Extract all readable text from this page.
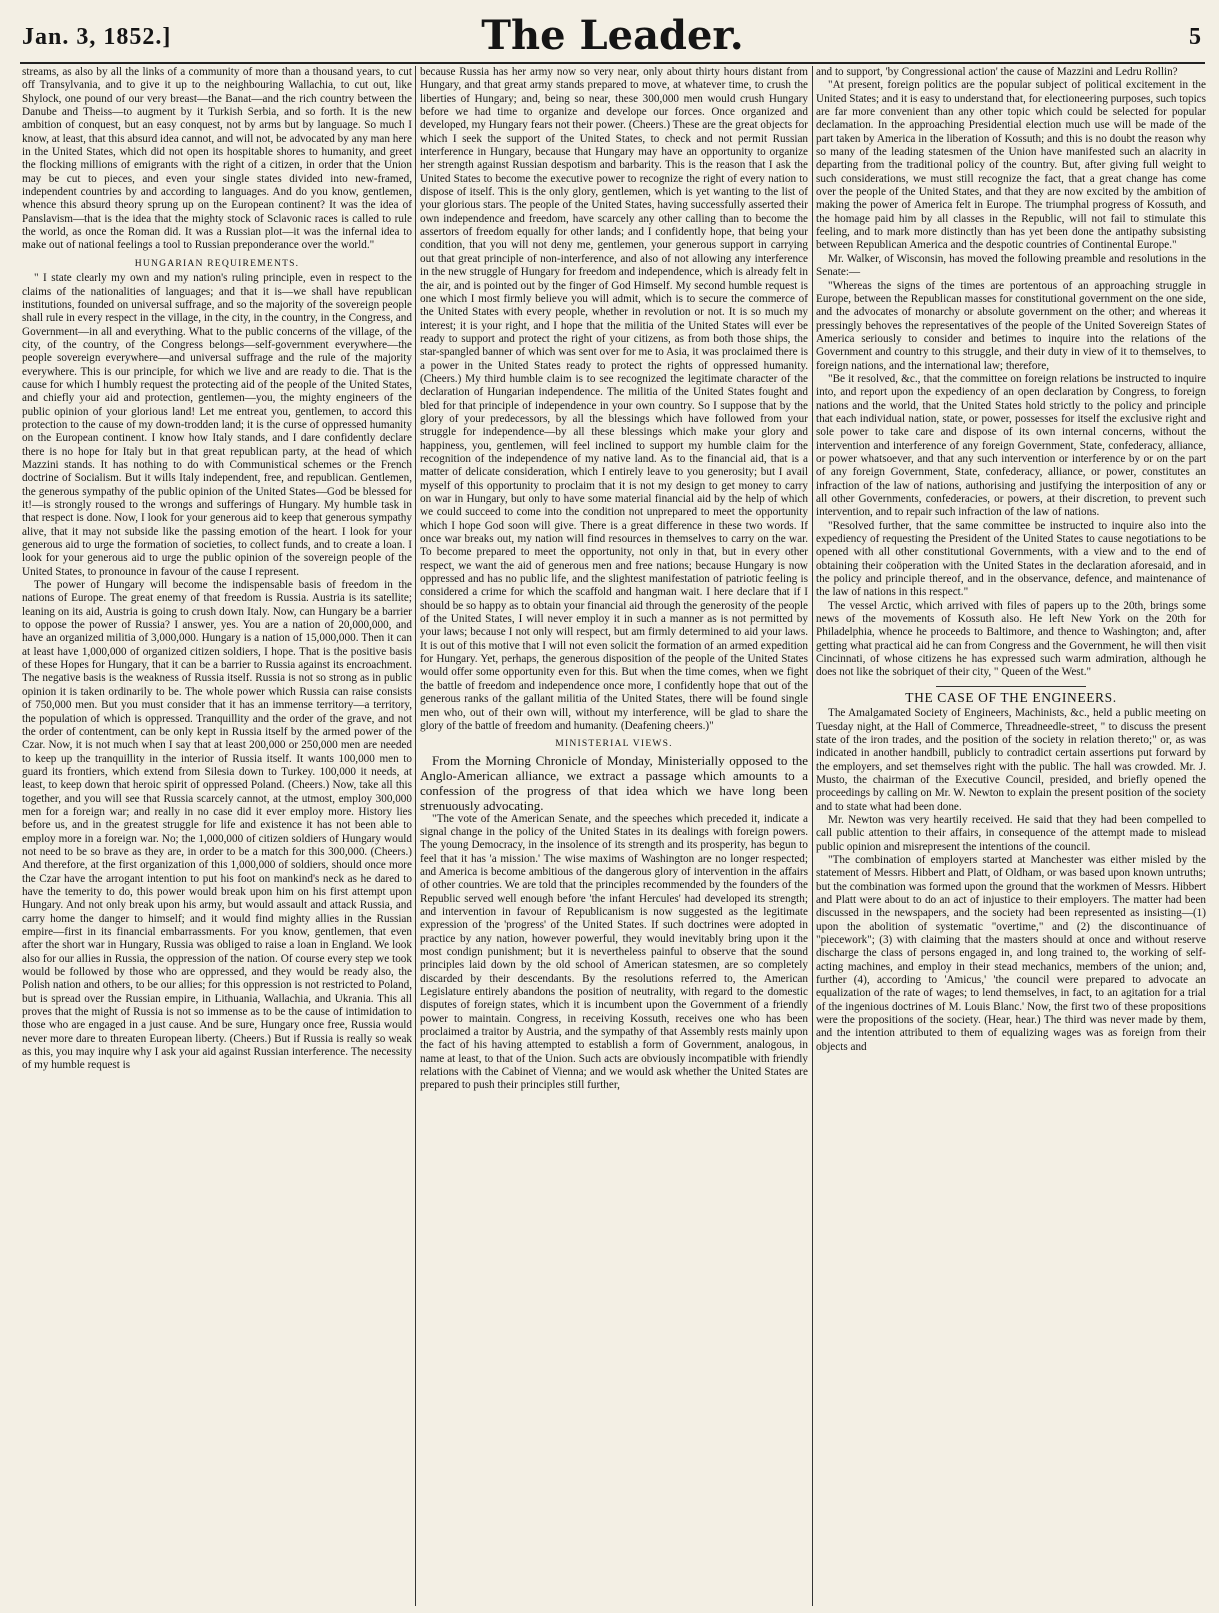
Jan. 3, 1852.]	The Leader.	5

streams, as also by all the links of a community of more than a thousand years, to cut off Transylvania, and to give it up to the neighbouring Wallachia, to cut out, like Shylock, one pound of our very breast—the Banat—and the rich country between the Danube and Theiss—to augment by it Turkish Serbia, and so forth. It is the new ambition of conquest, but an easy conquest, not by arms but by language. So much I know, at least, that this absurd idea cannot, and will not, be advocated by any man here in the United States, which did not open its hospitable shores to humanity, and greet the flocking millions of emigrants with the right of a citizen, in order that the Union may be cut to pieces, and even your single states divided into new-framed, independent countries by and according to languages. And do you know, gentlemen, whence this absurd theory sprung up on the European continent? It was the idea of Panslavism—that is the idea that the mighty stock of Sclavonic races is called to rule the world, as once the Roman did. It was a Russian plot—it was the infernal idea to make out of national feelings a tool to Russian preponderance over the world."

HUNGARIAN REQUIREMENTS.

" I state clearly my own and my nation's ruling principle, even in respect to the claims of the nationalities of languages; and that it is—we shall have republican institutions, founded on universal suffrage, and so the majority of the sovereign people shall rule in every respect in the village, in the city, in the country, in the Congress, and Government—in all and everything. What to the public concerns of the village, of the city, of the country, of the Congress belongs—self-government everywhere—the people sovereign everywhere—and universal suffrage and the rule of the majority everywhere. This is our principle, for which we live and are ready to die. That is the cause for which I humbly request the protecting aid of the people of the United States, and chiefly your aid and protection, gentlemen—you, the mighty engineers of the public opinion of your glorious land! Let me entreat you, gentlemen, to accord this protection to the cause of my down-trodden land; it is the curse of oppressed humanity on the European continent. I know how Italy stands, and I dare confidently declare there is no hope for Italy but in that great republican party, at the head of which Mazzini stands. It has nothing to do with Communistical schemes or the French doctrine of Socialism. But it wills Italy independent, free, and republican. Gentlemen, the generous sympathy of the public opinion of the United States—God be blessed for it!—is strongly roused to the wrongs and sufferings of Hungary. My humble task in that respect is done. Now, I look for your generous aid to keep that generous sympathy alive, that it may not subside like the passing emotion of the heart. I look for your generous aid to urge the formation of societies, to collect funds, and to create a loan. I look for your generous aid to urge the public opinion of the sovereign people of the United States, to pronounce in favour of the cause I represent.

The power of Hungary will become the indispensable basis of freedom in the nations of Europe. The great enemy of that freedom is Russia. Austria is its satellite; leaning on its aid, Austria is going to crush down Italy. Now, can Hungary be a barrier to oppose the power of Russia? I answer, yes. You are a nation of 20,000,000, and have an organized militia of 3,000,000. Hungary is a nation of 15,000,000. Then it can at least have 1,000,000 of organized citizen soldiers, I hope. That is the positive basis of these Hopes for Hungary, that it can be a barrier to Russia against its encroachment. The negative basis is the weakness of Russia itself. Russia is not so strong as in public opinion it is taken ordinarily to be. The whole power which Russia can raise consists of 750,000 men. But you must consider that it has an immense territory—a territory, the population of which is oppressed. Tranquillity and the order of the grave, and not the order of contentment, can be only kept in Russia itself by the armed power of the Czar. Now, it is not much when I say that at least 200,000 or 250,000 men are needed to keep up the tranquillity in the interior of Russia itself. It wants 100,000 men to guard its frontiers, which extend from Silesia down to Turkey. 100,000 it needs, at least, to keep down that heroic spirit of oppressed Poland. (Cheers.) Now, take all this together, and you will see that Russia scarcely cannot, at the utmost, employ 300,000 men for a foreign war; and really in no case did it ever employ more. History lies before us, and in the greatest struggle for life and existence it has not been able to employ more in a foreign war. No; the 1,000,000 of citizen soldiers of Hungary would not need to be so brave as they are, in order to be a match for this 300,000. (Cheers.) And therefore, at the first organization of this 1,000,000 of soldiers, should once more the Czar have the arrogant intention to put his foot on mankind's neck as he dared to have the temerity to do, this power would break upon him on his first attempt upon Hungary. And not only break upon his army, but would assault and attack Russia, and carry home the danger to himself; and it would find mighty allies in the Russian empire—first in its financial embarrassments. For you know, gentlemen, that even after the short war in Hungary, Russia was obliged to raise a loan in England. We look also for our allies in Russia, the oppression of the nation. Of course every step we took would be followed by those who are oppressed, and they would be ready also, the Polish nation and others, to be our allies; for this oppression is not restricted to Poland, but is spread over the Russian empire, in Lithuania, Wallachia, and Ukrania. This all proves that the might of Russia is not so immense as to be the cause of intimidation to those who are engaged in a just cause. And be sure, Hungary once free, Russia would never more dare to threaten European liberty. (Cheers.) But if Russia is really so weak as this, you may inquire why I ask your aid against Russian interference. The necessity of my humble request is

because Russia has her army now so very near, only about thirty hours distant from Hungary, and that great army stands prepared to move, at whatever time, to crush the liberties of Hungary; and, being so near, these 300,000 men would crush Hungary before we had time to organize and develope our forces. Once organized and developed, my Hungary fears not their power. (Cheers.) These are the great objects for which I seek the support of the United States, to check and not permit Russian interference in Hungary, because that Hungary may have an opportunity to organize her strength against Russian despotism and barbarity. This is the reason that I ask the United States to become the executive power to recognize the right of every nation to dispose of itself. This is the only glory, gentlemen, which is yet wanting to the list of your glorious stars. The people of the United States, having successfully asserted their own independence and freedom, have scarcely any other calling than to become the assertors of freedom equally for other lands; and I confidently hope, that being your condition, that you will not deny me, gentlemen, your generous support in carrying out that great principle of non-interference, and also of not allowing any interference in the new struggle of Hungary for freedom and independence, which is already felt in the air, and is pointed out by the finger of God Himself. My second humble request is one which I most firmly believe you will admit, which is to secure the commerce of the United States with every people, whether in revolution or not. It is so much my interest; it is your right, and I hope that the militia of the United States will ever be ready to support and protect the right of your citizens, as from both those ships, the star-spangled banner of which was sent over for me to Asia, it was proclaimed there is a power in the United States ready to protect the rights of oppressed humanity. (Cheers.) My third humble claim is to see recognized the legitimate character of the declaration of Hungarian independence. The militia of the United States fought and bled for that principle of independence in your own country. So I suppose that by the glory of your predecessors, by all the blessings which have followed from your struggle for independence—by all these blessings which make your glory and happiness, you, gentlemen, will feel inclined to support my humble claim for the recognition of the independence of my native land. As to the financial aid, that is a matter of delicate consideration, which I entirely leave to you generosity; but I avail myself of this opportunity to proclaim that it is not my design to get money to carry on war in Hungary, but only to have some material financial aid by the help of which we could succeed to come into the condition not unprepared to meet the opportunity which I hope God soon will give. There is a great difference in these two words. If once war breaks out, my nation will find resources in themselves to carry on the war. To become prepared to meet the opportunity, not only in that, but in every other respect, we want the aid of generous men and free nations; because Hungary is now oppressed and has no public life, and the slightest manifestation of patriotic feeling is considered a crime for which the scaffold and hangman wait. I here declare that if I should be so happy as to obtain your financial aid through the generosity of the people of the United States, I will never employ it in such a manner as is not permitted by your laws; because I not only will respect, but am firmly determined to aid your laws. It is out of this motive that I will not even solicit the formation of an armed expedition for Hungary. Yet, perhaps, the generous disposition of the people of the United States would offer some opportunity even for this. But when the time comes, when we fight the battle of freedom and independence once more, I confidently hope that out of the generous ranks of the gallant militia of the United States, there will be found single men who, out of their own will, without my interference, will be glad to share the glory of the battle of freedom and humanity. (Deafening cheers.)"

MINISTERIAL VIEWS.

From the Morning Chronicle of Monday, Ministerially opposed to the Anglo-American alliance, we extract a passage which amounts to a confession of the progress of that idea which we have long been strenuously advocating.

"The vote of the American Senate, and the speeches which preceded it, indicate a signal change in the policy of the United States in its dealings with foreign powers. The young Democracy, in the insolence of its strength and its prosperity, has begun to feel that it has 'a mission.' The wise maxims of Washington are no longer respected; and America is become ambitious of the dangerous glory of intervention in the affairs of other countries. We are told that the principles recommended by the founders of the Republic served well enough before 'the infant Hercules' had developed its strength; and intervention in favour of Republicanism is now suggested as the legitimate expression of the 'progress' of the United States. If such doctrines were adopted in practice by any nation, however powerful, they would inevitably bring upon it the most condign punishment; but it is nevertheless painful to observe that the sound principles laid down by the old school of American statesmen, are so completely discarded by their descendants. By the resolutions referred to, the American Legislature entirely abandons the position of neutrality, with regard to the domestic disputes of foreign states, which it is incumbent upon the Government of a friendly power to maintain. Congress, in receiving Kossuth, receives one who has been proclaimed a traitor by Austria, and the sympathy of that Assembly rests mainly upon the fact of his having attempted to establish a form of Government, analogous, in name at least, to that of the Union. Such acts are obviously incompatible with friendly relations with the Cabinet of Vienna; and we would ask whether the United States are prepared to push their principles still further,

and to support, 'by Congressional action' the cause of Mazzini and Ledru Rollin?

"At present, foreign politics are the popular subject of political excitement in the United States; and it is easy to understand that, for electioneering purposes, such topics are far more convenient than any other topic which could be selected for popular declamation. In the approaching Presidential election much use will be made of the part taken by America in the liberation of Kossuth; and this is no doubt the reason why so many of the leading statesmen of the Union have manifested such an alacrity in departing from the traditional policy of the country. But, after giving full weight to such considerations, we must still recognize the fact, that a great change has come over the people of the United States, and that they are now excited by the ambition of making the power of America felt in Europe. The triumphal progress of Kossuth, and the homage paid him by all classes in the Republic, will not fail to stimulate this feeling, and to mark more distinctly than has yet been done the antipathy subsisting between Republican America and the despotic countries of Continental Europe."

Mr. Walker, of Wisconsin, has moved the following preamble and resolutions in the Senate:—

"Whereas the signs of the times are portentous of an approaching struggle in Europe, between the Republican masses for constitutional government on the one side, and the advocates of monarchy or absolute government on the other; and whereas it pressingly behoves the representatives of the people of the United Sovereign States of America seriously to consider and betimes to inquire into the relations of the Government and country to this struggle, and their duty in view of it to themselves, to foreign nations, and the international law; therefore,

"Be it resolved, &c., that the committee on foreign relations be instructed to inquire into, and report upon the expediency of an open declaration by Congress, to foreign nations and the world, that the United States hold strictly to the policy and principle that each individual nation, state, or power, possesses for itself the exclusive right and sole power to take care and dispose of its own internal concerns, without the intervention and interference of any foreign Government, State, confederacy, alliance, or power whatsoever, and that any such intervention or interference by or on the part of any foreign Government, State, confederacy, alliance, or power, constitutes an infraction of the law of nations, authorising and justifying the interposition of any or all other Governments, confederacies, or powers, at their discretion, to prevent such intervention, and to repair such infraction of the law of nations.

"Resolved further, that the same committee be instructed to inquire also into the expediency of requesting the President of the United States to cause negotiations to be opened with all other constitutional Governments, with a view and to the end of obtaining their coöperation with the United States in the declaration aforesaid, and in the policy and principle thereof, and in the observance, defence, and maintenance of the law of nations in this respect."

The vessel Arctic, which arrived with files of papers up to the 20th, brings some news of the movements of Kossuth also. He left New York on the 20th for Philadelphia, whence he proceeds to Baltimore, and thence to Washington; and, after getting what practical aid he can from Congress and the Government, he will then visit Cincinnati, of whose citizens he has expressed such warm admiration, although he does not like the sobriquet of their city, " Queen of the West."

THE CASE OF THE ENGINEERS.

The Amalgamated Society of Engineers, Machinists, &c., held a public meeting on Tuesday night, at the Hall of Commerce, Threadneedle-street, " to discuss the present state of the iron trades, and the position of the society in relation thereto;" or, as was indicated in another handbill, publicly to contradict certain assertions put forward by the employers, and set themselves right with the public. The hall was crowded. Mr. J. Musto, the chairman of the Executive Council, presided, and briefly opened the proceedings by calling on Mr. W. Newton to explain the present position of the society and to state what had been done.

Mr. Newton was very heartily received. He said that they had been compelled to call public attention to their affairs, in consequence of the attempt made to mislead public opinion and misrepresent the intentions of the council.

"The combination of employers started at Manchester was either misled by the statement of Messrs. Hibbert and Platt, of Oldham, or was based upon known untruths; but the combination was formed upon the ground that the workmen of Messrs. Hibbert and Platt were about to do an act of injustice to their employers. The matter had been discussed in the newspapers, and the society had been represented as insisting—(1) upon the abolition of systematic "overtime," and (2) the discontinuance of "piecework"; (3) with claiming that the masters should at once and without reserve discharge the class of persons engaged in, and long trained to, the working of self-acting machines, and employ in their stead mechanics, members of the union; and, further (4), according to 'Amicus,' 'the council were prepared to advocate an equalization of the rate of wages; to lend themselves, in fact, to an agitation for a trial of the ingenious doctrines of M. Louis Blanc.' Now, the first two of these propositions were the propositions of the society. (Hear, hear.) The third was never made by them, and the intention attributed to them of equalizing wages was as foreign from their objects and
